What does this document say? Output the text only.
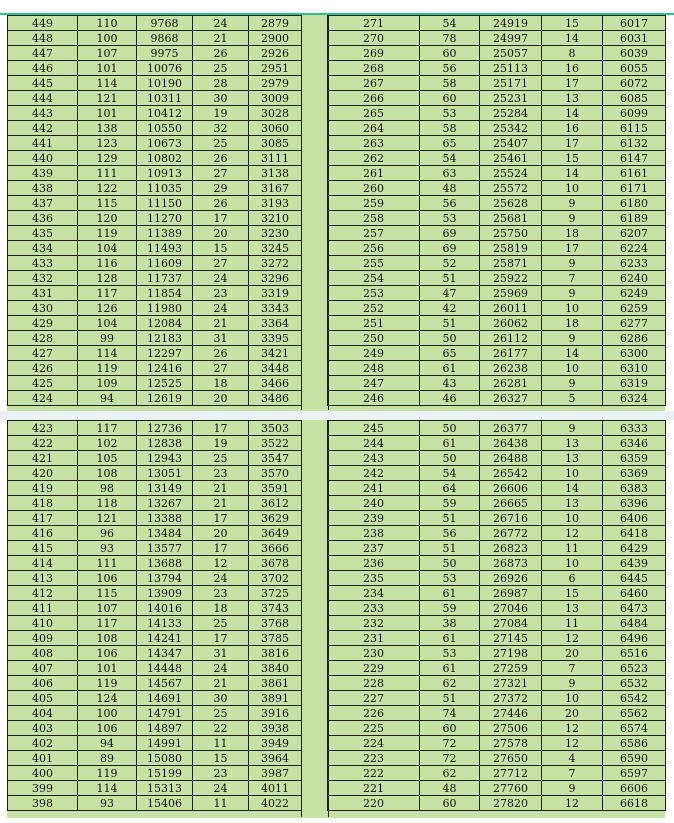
449	110	9768	24	2879
448	100	9868	21	2900
447	107	9975	26	2926
446	101	10076	25	2951
445	114	10190	28	2979
444	121	10311	30	3009
443	101	10412	19	3028
442	138	10550	32	3060
441	123	10673	25	3085
440	129	10802	26	3111
439	111	10913	27	3138
438	122	11035	29	3167
437	115	11150	26	3193
436	120	11270	17	3210
435	119	11389	20	3230
434	104	11493	15	3245
433	116	11609	27	3272
432	128	11737	24	3296
431	117	11854	23	3319
430	126	11980	24	3343
429	104	12084	21	3364
428	99	12183	31	3395
427	114	12297	26	3421
426	119	12416	27	3448
425	109	12525	18	3466
424	94	12619	20	3486
271	54	24919	15	6017
270	78	24997	14	6031
269	60	25057	8	6039
268	56	25113	16	6055
267	58	25171	17	6072
266	60	25231	13	6085
265	53	25284	14	6099
264	58	25342	16	6115
263	65	25407	17	6132
262	54	25461	15	6147
261	63	25524	14	6161
260	48	25572	10	6171
259	56	25628	9	6180
258	53	25681	9	6189
257	69	25750	18	6207
256	69	25819	17	6224
255	52	25871	9	6233
254	51	25922	7	6240
253	47	25969	9	6249
252	42	26011	10	6259
251	51	26062	18	6277
250	50	26112	9	6286
249	65	26177	14	6300
248	61	26238	10	6310
247	43	26281	9	6319
246	46	26327	5	6324
423	117	12736	17	3503
422	102	12838	19	3522
421	105	12943	25	3547
420	108	13051	23	3570
419	98	13149	21	3591
418	118	13267	21	3612
417	121	13388	17	3629
416	96	13484	20	3649
415	93	13577	17	3666
414	111	13688	12	3678
413	106	13794	24	3702
412	115	13909	23	3725
411	107	14016	18	3743
410	117	14133	25	3768
409	108	14241	17	3785
408	106	14347	31	3816
407	101	14448	24	3840
406	119	14567	21	3861
405	124	14691	30	3891
404	100	14791	25	3916
403	106	14897	22	3938
402	94	14991	11	3949
401	89	15080	15	3964
400	119	15199	23	3987
399	114	15313	24	4011
398	93	15406	11	4022
245	50	26377	9	6333
244	61	26438	13	6346
243	50	26488	13	6359
242	54	26542	10	6369
241	64	26606	14	6383
240	59	26665	13	6396
239	51	26716	10	6406
238	56	26772	12	6418
237	51	26823	11	6429
236	50	26873	10	6439
235	53	26926	6	6445
234	61	26987	15	6460
233	59	27046	13	6473
232	38	27084	11	6484
231	61	27145	12	6496
230	53	27198	20	6516
229	61	27259	7	6523
228	62	27321	9	6532
227	51	27372	10	6542
226	74	27446	20	6562
225	60	27506	12	6574
224	72	27578	12	6586
223	72	27650	4	6590
222	62	27712	7	6597
221	48	27760	9	6606
220	60	27820	12	6618
